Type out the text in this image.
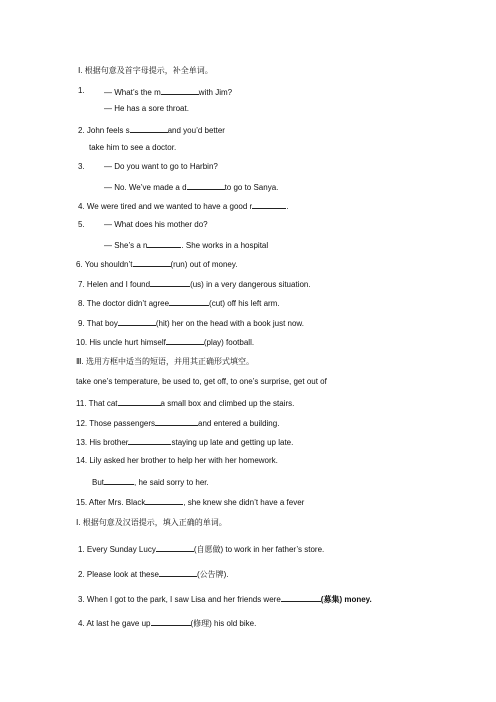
Ⅰ. 根据句意及首字母提示，补全单词。
1. — What’s the m	with Jim?
— He has a sore throat.
2. John feels s	and you’d better
take him to see a doctor.
3. — Do you want to go to Harbin?
— No. We’ve made a d	to go to Sanya.
4. We were tired and we wanted to have a good r	.
5. — What does his mother do?
— She’s a n	. She works in a hospital
6. You shouldn’t	(run) out of money.
7. Helen and I found	(us) in a very dangerous situation.
8. The doctor didn’t agree	(cut) off his left arm.
9. That boy	(hit) her on the head with a book just now.
10. His uncle hurt himself	(play) football.
Ⅲ. 选用方框中适当的短语，并用其正确形式填空。
take one’s temperature, be used to, get off, to one’s surprise, get out of
11. That cat	a small box and climbed up the stairs.
12. Those passengers	and entered a building.
13. His brother	staying up late and getting up late.
14. Lily asked her brother to help her with her homework.
But	, he said sorry to her.
15. After Mrs. Black	, she knew she didn’t have a fever
Ⅰ. 根据句意及汉语提示，填入正确的单词。
1. Every Sunday Lucy	(自愿做) to work in her father’s store.
2. Please look at these	(公告牌).
3. When I got to the park, I saw Lisa and her friends were	(募集) money.
4. At last he gave up	(修理) his old bike.
